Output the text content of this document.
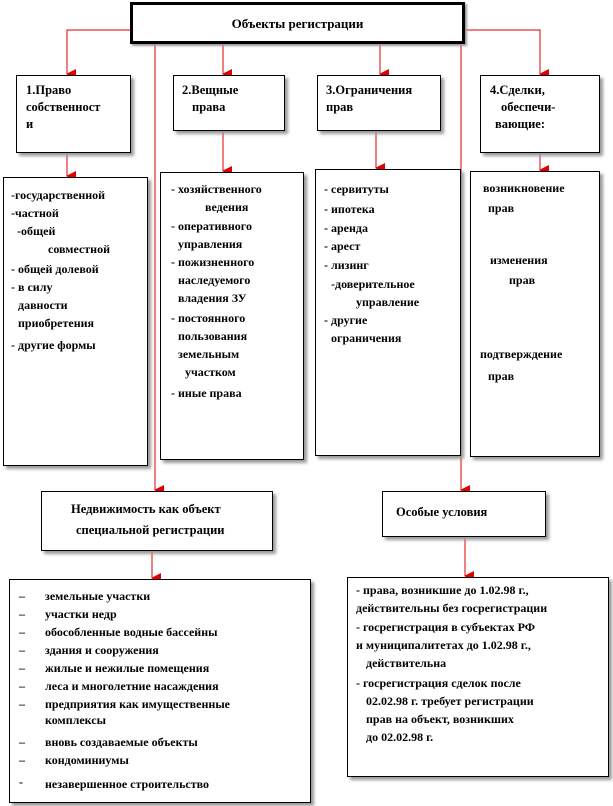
Объекты регистрации
1.Право
собственност
и
2.Вещные
права
3.Ограничения
прав
4.Сделки,
обеспечи-
вающие:
-государственной
-частной
-общей
совместной
- общей долевой
- в силу
давности
приобретения
- другие формы
- хозяйственного
ведения
- оперативного
управления
- пожизненного
наследуемого
владения ЗУ
- постоянного
пользования
земельным
участком
- иные права
- сервитуты
- ипотека
- аренда
- арест
- лизинг
-доверительное
управление
- другие
ограничения
возникновение
прав
изменения
прав
подтверждение
прав
Недвижимость как объект
специальной регистрации
Особые условия
– земельные участки
– участки недр
– обособленные водные бассейны
– здания и сооружения
– жилые и нежилые помещения
– леса и многолетние насаждения
– предприятия как имущественные
комплексы
– вновь создаваемые объекты
– кондоминиумы
- незавершенное строительство
- права, возникшие до 1.02.98 г.,
действительны без госрегистрации
- госрегистрация в субъектах РФ
и муниципалитетах до 1.02.98 г.,
действительна
- госрегистрация сделок после
02.02.98 г. требует регистрации
прав на объект, возникших
до 02.02.98 г.
